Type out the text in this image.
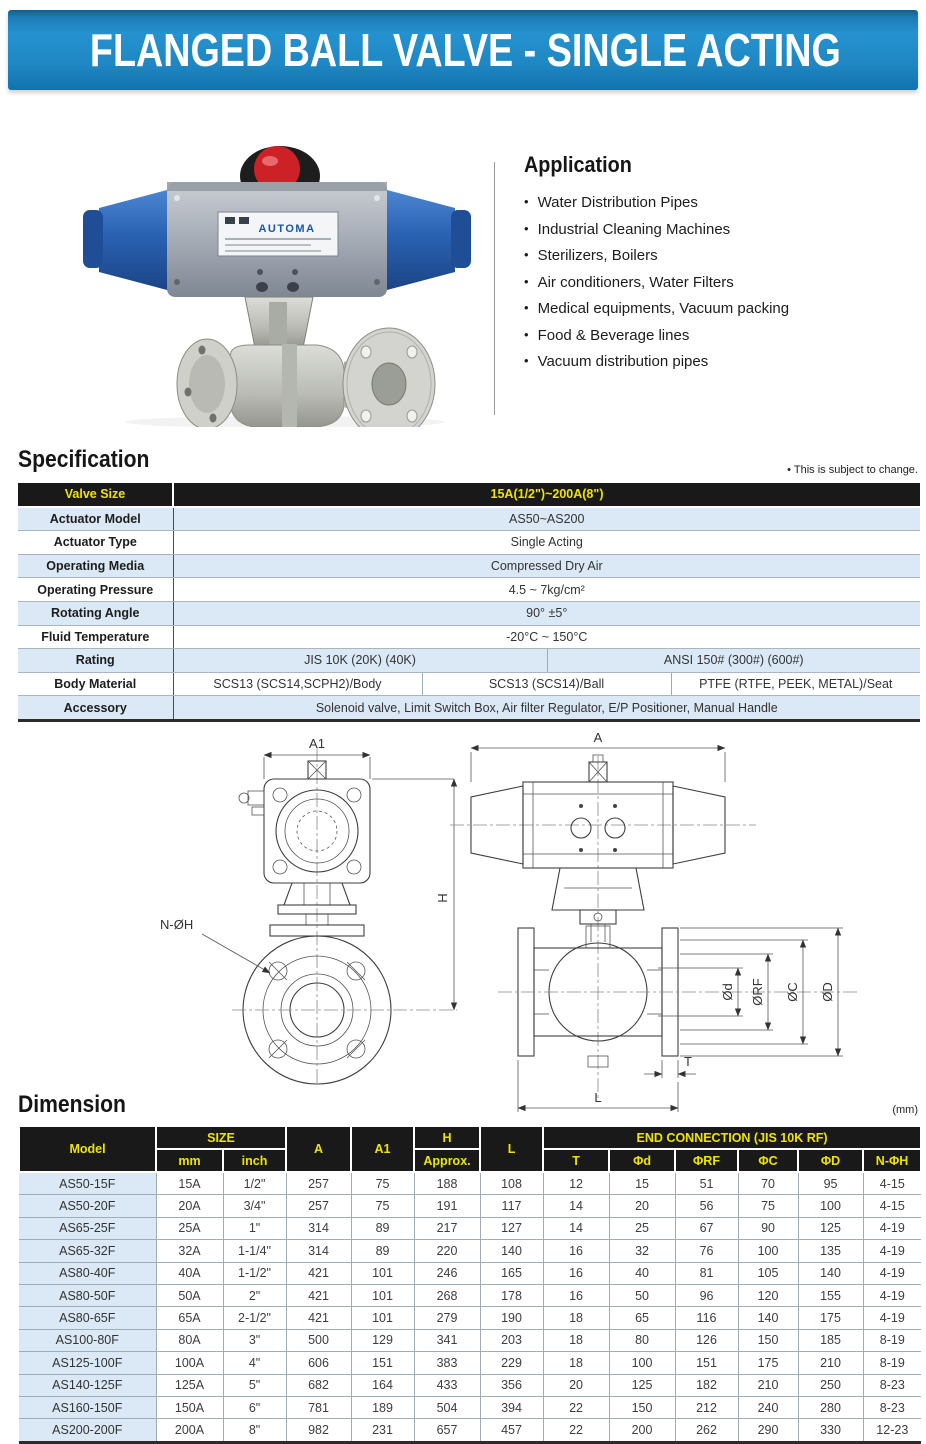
FLANGED BALL VALVE - SINGLE ACTING
AUTOMA
Application
• Water Distribution Pipes
• Industrial Cleaning Machines
• Sterilizers, Boilers
• Air conditioners, Water Filters
• Medical equipments, Vacuum packing
• Food & Beverage lines
• Vacuum distribution pipes
Specification	• This is subject to change.
Valve Size	15A(1/2")~200A(8")			
Actuator Model	AS50~AS200			
Actuator Type	Single Acting			
Operating Media	Compressed Dry Air			
Operating Pressure	4.5 ~ 7kg/cm²			
Rotating Angle	90° ±5°			
Fluid Temperature	-20°C ~ 150°C			
Rating	JIS 10K (20K) (40K)		ANSI 150# (300#) (600#)	
Body Material	SCS13 (SCS14,SCPH2)/Body	SCS13 (SCS14)/Ball		PTFE (RTFE, PEEK, METAL)/Seat
Accessory	Solenoid valve, Limit Switch Box, Air filter Regulator, E/P Positioner, Manual Handle			
A1
H
N-ØH
A
Ød ØRF ØC ØD
T
L
Dimension	(mm)
Model	SIZE		A	A1	H	L	END CONNECTION (JIS 10K RF)					
	mm	inch			Approx.		T	Φd	ΦRF	ΦC	ΦD	N-ΦH
AS50-15F	15A	1/2"	257	75	188	108	12	15	51	70	95	4-15
AS50-20F	20A	3/4"	257	75	191	117	14	20	56	75	100	4-15
AS65-25F	25A	1"	314	89	217	127	14	25	67	90	125	4-19
AS65-32F	32A	1-1/4"	314	89	220	140	16	32	76	100	135	4-19
AS80-40F	40A	1-1/2"	421	101	246	165	16	40	81	105	140	4-19
AS80-50F	50A	2"	421	101	268	178	16	50	96	120	155	4-19
AS80-65F	65A	2-1/2"	421	101	279	190	18	65	116	140	175	4-19
AS100-80F	80A	3"	500	129	341	203	18	80	126	150	185	8-19
AS125-100F	100A	4"	606	151	383	229	18	100	151	175	210	8-19
AS140-125F	125A	5"	682	164	433	356	20	125	182	210	250	8-23
AS160-150F	150A	6"	781	189	504	394	22	150	212	240	280	8-23
AS200-200F	200A	8"	982	231	657	457	22	200	262	290	330	12-23
